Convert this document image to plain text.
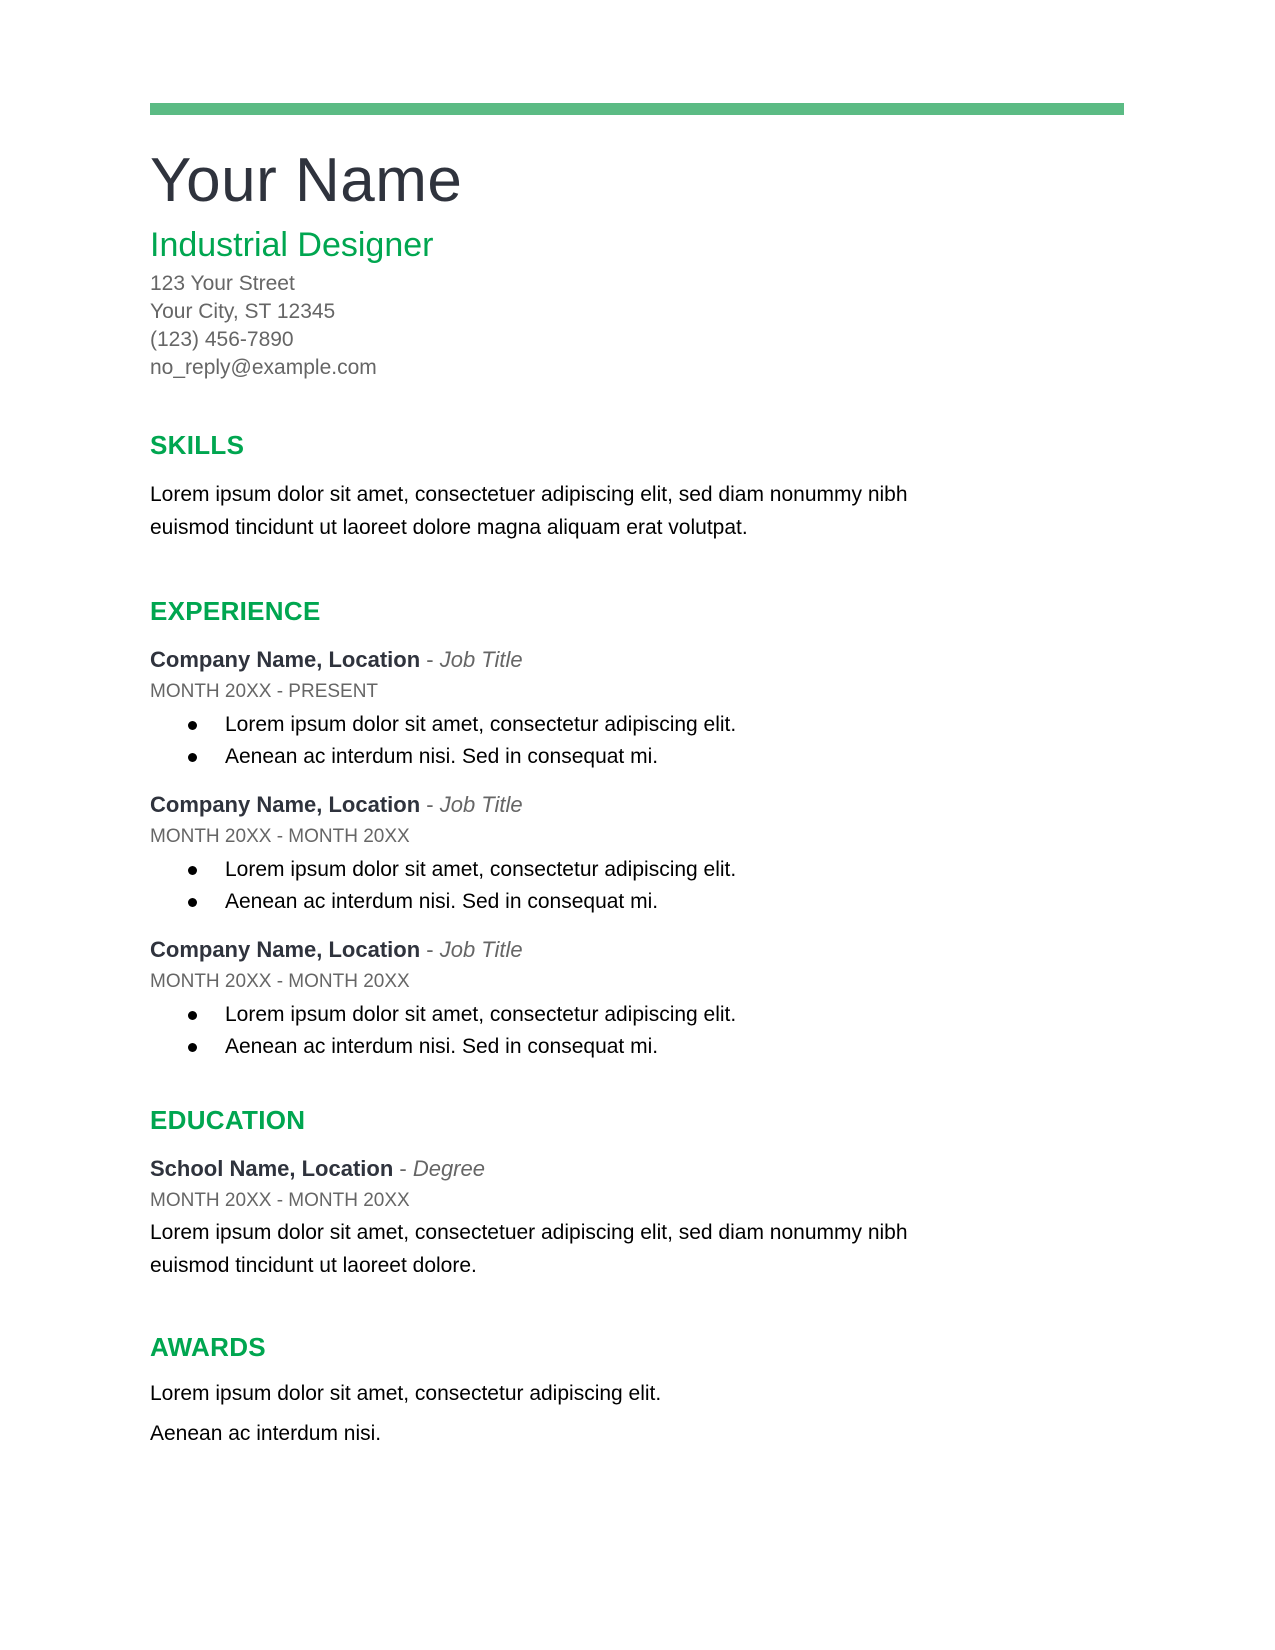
Your Name
Industrial Designer

123 Your Street

Your City, ST 12345

(123) 456-7890

no_reply@example.com

SKILLS

Lorem ipsum dolor sit amet, consectetuer adipiscing elit, sed diam nonummy nibh euismod tincidunt ut laoreet dolore magna aliquam erat volutpat.

EXPERIENCE

Company Name, Location - Job Title

MONTH 20XX - PRESENT

Lorem ipsum dolor sit amet, consectetur adipiscing elit.
Aenean ac interdum nisi. Sed in consequat mi.

Company Name, Location - Job Title

MONTH 20XX - MONTH 20XX

Lorem ipsum dolor sit amet, consectetur adipiscing elit.
Aenean ac interdum nisi. Sed in consequat mi.

Company Name, Location - Job Title

MONTH 20XX - MONTH 20XX

Lorem ipsum dolor sit amet, consectetur adipiscing elit.
Aenean ac interdum nisi. Sed in consequat mi.
EDUCATION

School Name, Location - Degree

MONTH 20XX - MONTH 20XX

Lorem ipsum dolor sit amet, consectetuer adipiscing elit, sed diam nonummy nibh euismod tincidunt ut laoreet dolore.

AWARDS

Lorem ipsum dolor sit amet, consectetur adipiscing elit.

Aenean ac interdum nisi.
